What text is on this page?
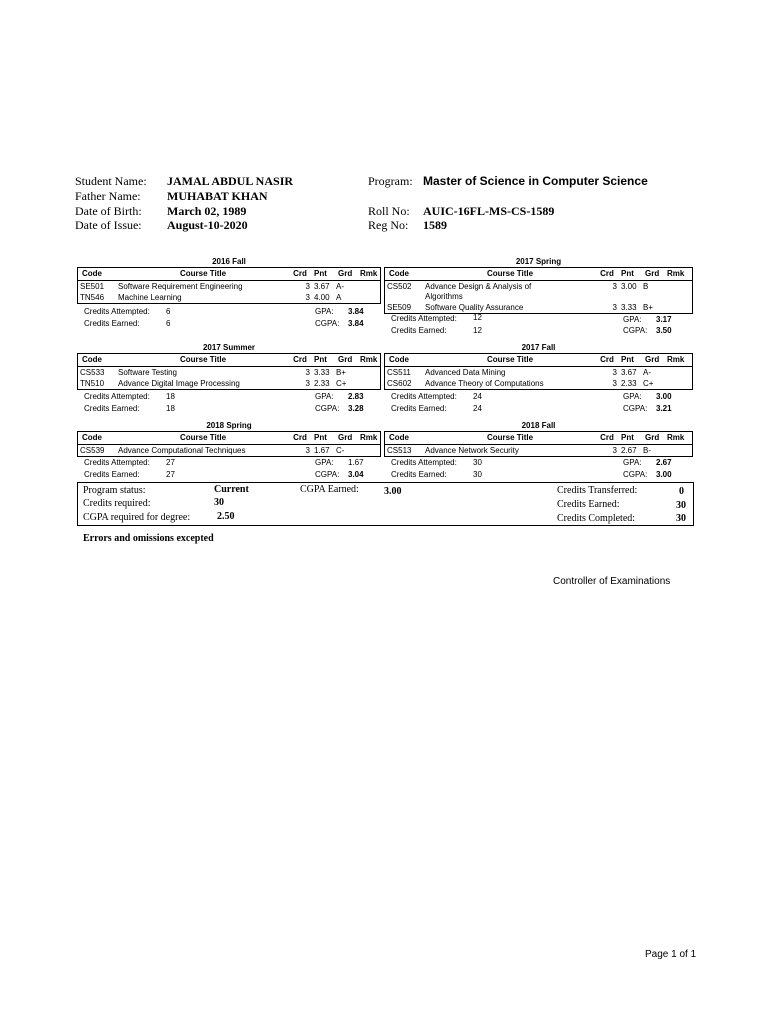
Student Name: JAMAL ABDUL NASIR
Father Name: MUHABAT KHAN
Date of Birth: March 02, 1989
Date of Issue: August-10-2020
Program: Master of Science in Computer Science
Roll No: AUIC-16FL-MS-CS-1589
Reg No: 1589
2016 Fall
Code	Course Title	Crd Pnt Grd Rmk
SE501 Software Requirement Engineering	3 3.67 A-
TN546 Machine Learning	3 4.00 A
Credits Attempted: 6	GPA: 3.84
Credits Earned:	6	CGPA: 3.84
2017 Spring
Code	Course Title	Crd Pnt Grd Rmk
CS502 Advance Design & Analysis of Algorithms
3 3.00 B
SE509 Software Quality Assurance	3 3.33 B+
Credits Attempted: 12	GPA: 3.17
Credits Earned:	12	CGPA: 3.50
2017 Summer
Code	Course Title	Crd Pnt Grd Rmk
CS533 Software Testing	3 3.33 B+
TN510 Advance Digital Image Processing	3 2.33 C+
Credits Attempted: 18	GPA: 2.83
Credits Earned:	18	CGPA: 3.28
2017 Fall
Code	Course Title	Crd Pnt Grd Rmk
CS511 Advanced Data Mining	3 3.67 A-
CS602 Advance Theory of Computations	3 2.33 C+
Credits Attempted: 24	GPA: 3.00
Credits Earned:	24	CGPA: 3.21
2018 Spring
Code	Course Title	Crd Pnt Grd Rmk
CS539 Advance Computational Techniques	3 1.67 C-
Credits Attempted: 27	GPA: 1.67
Credits Earned:	27	CGPA: 3.04
2018 Fall
Code	Course Title	Crd Pnt Grd Rmk
CS513 Advance Network Security	3 2.67 B-
Credits Attempted: 30	GPA: 2.67
Credits Earned:	30	CGPA: 3.00
Program status:	Current	CGPA Earned:	3.00
Credits required:	30
CGPA required for degree:	2.50
Credits Transferred:	0
Credits Earned:	30
Credits Completed:	30
Errors and omissions excepted
Controller of Examinations
Page 1 of 1
